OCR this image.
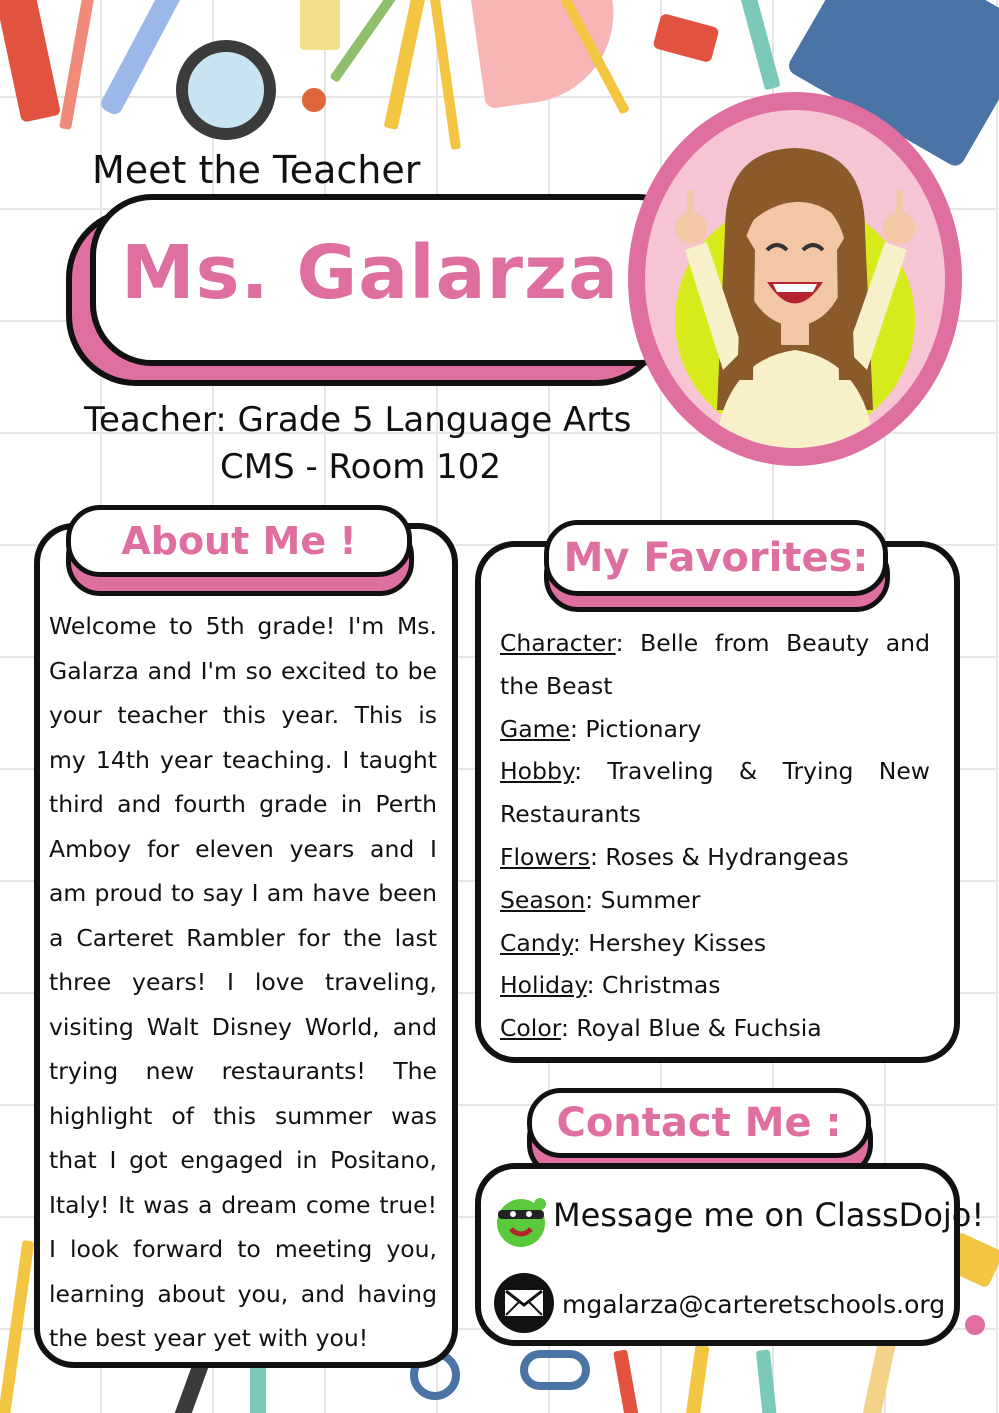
Meet the Teacher
Ms. Galarza
Teacher: Grade 5 Language Arts
CMS - Room 102
About Me !
Welcome to 5th grade! I'm Ms. Galarza and I'm so excited to be your teacher this year. This is my 14th year teaching. I taught third and fourth grade in Perth Amboy for eleven years and I am proud to say I am have been a Carteret Rambler for the last three years! I love traveling, visiting Walt Disney World, and trying new restaurants! The highlight of this summer was that I got engaged in Positano, Italy! It was a dream come true! I look forward to meeting you, learning about you, and having the best year yet with you!
My Favorites:
Character: Belle from Beauty and the Beast
Game: Pictionary
Hobby: Traveling & Trying New Restaurants
Flowers: Roses & Hydrangeas
Season: Summer
Candy: Hershey Kisses
Holiday: Christmas
Color: Royal Blue & Fuchsia
Contact Me :
Message me on ClassDojo!
mgalarza@carteretschools.org
